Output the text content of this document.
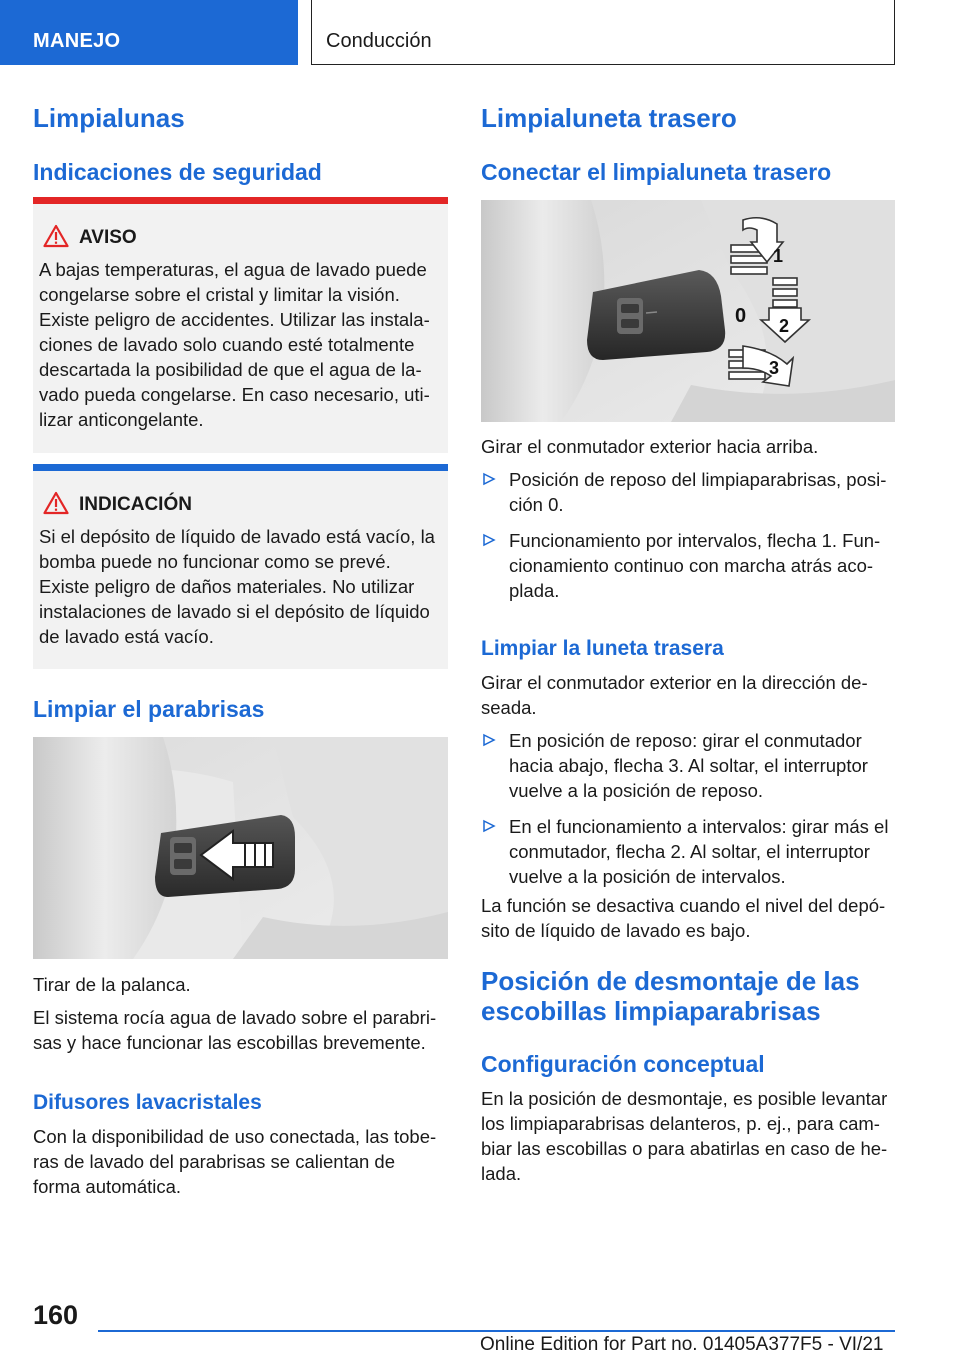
MANEJO	Conducción
Limpialunas
Indicaciones de seguridad
AVISO
A bajas temperaturas, el agua de lavado puede
congelarse sobre el cristal y limitar la visión.
Existe peligro de accidentes. Utilizar las instala-
ciones de lavado solo cuando esté totalmente
descartada la posibilidad de que el agua de la-
vado pueda congelarse. En caso necesario, uti-
lizar anticongelante.
INDICACIÓN
Si el depósito de líquido de lavado está vacío, la
bomba puede no funcionar como se prevé.
Existe peligro de daños materiales. No utilizar
instalaciones de lavado si el depósito de líquido
de lavado está vacío.
Limpiar el parabrisas
Tirar de la palanca.
El sistema rocía agua de lavado sobre el parabri-
sas y hace funcionar las escobillas brevemente.
Difusores lavacristales
Con la disponibilidad de uso conectada, las tobe-
ras de lavado del parabrisas se calientan de
forma automática.
Limpialuneta trasero
Conectar el limpialuneta trasero
1
0 2
3
Girar el conmutador exterior hacia arriba.
Posición de reposo del limpiaparabrisas, posi-
ción 0.
Funcionamiento por intervalos, flecha 1. Fun-
cionamiento continuo con marcha atrás aco-
plada.
Limpiar la luneta trasera
Girar el conmutador exterior en la dirección de-
seada.
En posición de reposo: girar el conmutador
hacia abajo, flecha 3. Al soltar, el interruptor
vuelve a la posición de reposo.
En el funcionamiento a intervalos: girar más el
conmutador, flecha 2. Al soltar, el interruptor
vuelve a la posición de intervalos.
La función se desactiva cuando el nivel del depó-
sito de líquido de lavado es bajo.
Posición de desmontaje de las
escobillas limpiaparabrisas
Configuración conceptual
En la posición de desmontaje, es posible levantar
los limpiaparabrisas delanteros, p. ej., para cam-
biar las escobillas o para abatirlas en caso de he-
lada.
160
Online Edition for Part no. 01405A377F5 - VI/21
